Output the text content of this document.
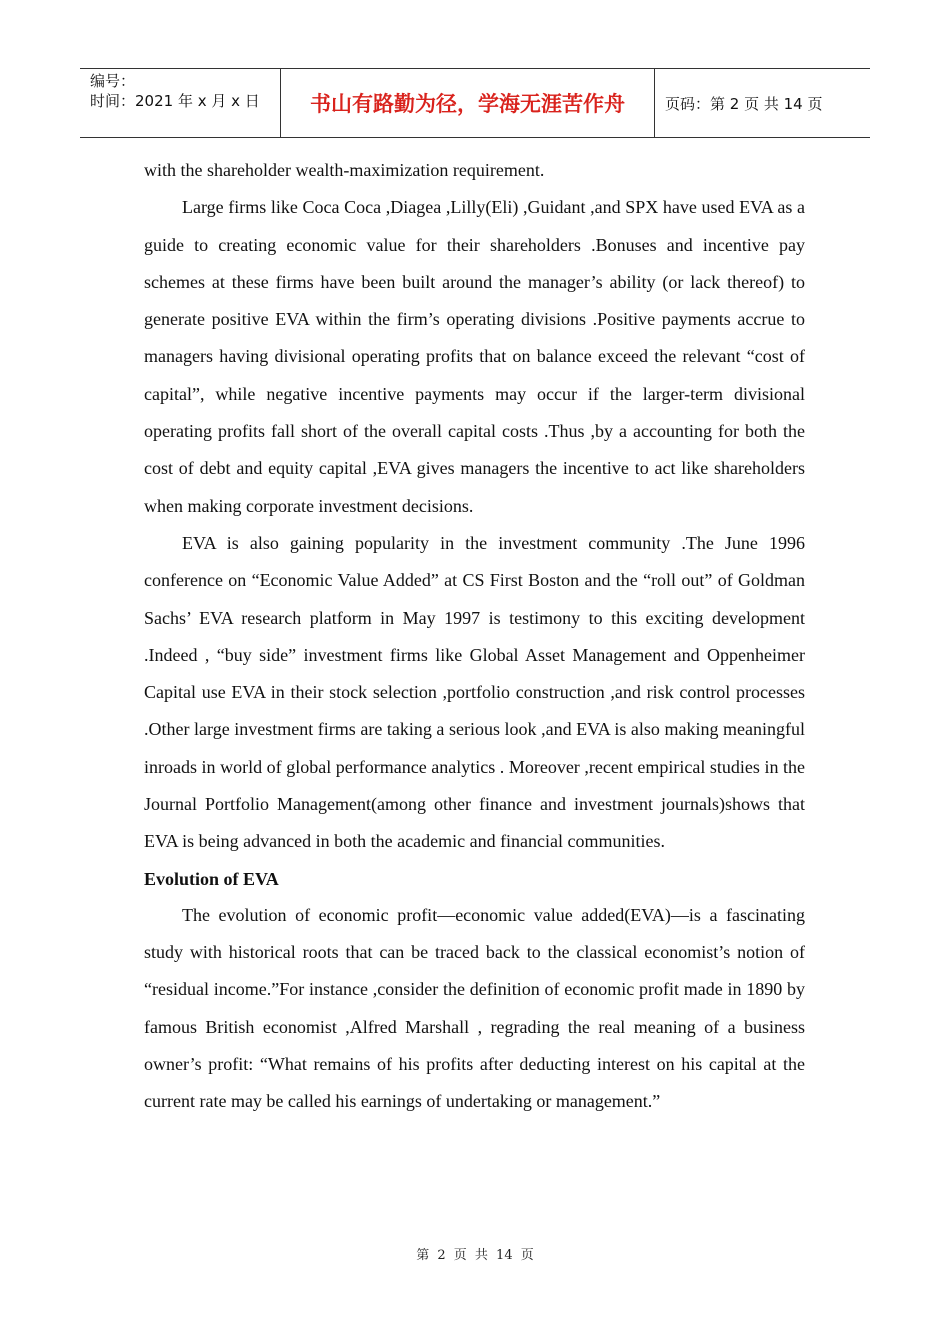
编号：
时间：2021 年 x 月 x 日	书山有路勤为径，学海无涯苦作舟	页码：第 2 页 共 14 页

with the shareholder wealth-maximization requirement.

Large firms like Coca Coca ,Diagea ,Lilly(Eli) ,Guidant ,and SPX have used EVA as a guide to creating economic value for their shareholders .Bonuses and incentive pay schemes at these firms have been built around the manager’s ability (or lack thereof) to generate positive EVA within the firm’s operating divisions .Positive payments accrue to managers having divisional operating profits that on balance exceed the relevant “cost of capital”, while negative incentive payments may occur if the larger-term divisional operating profits fall short of the overall capital costs .Thus ,by a accounting for both the cost of debt and equity capital ,EVA gives managers the incentive to act like shareholders when making corporate investment decisions.

EVA is also gaining popularity in the investment community .The June 1996 conference on “Economic Value Added” at CS First Boston and the “roll out” of Goldman Sachs’ EVA research platform in May 1997 is testimony to this exciting development .Indeed , “buy side” investment firms like Global Asset Management and Oppenheimer Capital use EVA in their stock selection ,portfolio construction ,and risk control processes .Other large investment firms are taking a serious look ,and EVA is also making meaningful inroads in world of global performance analytics . Moreover ,recent empirical studies in the Journal Portfolio Management(among other finance and investment journals)shows that EVA is being advanced in both the academic and financial communities.

Evolution of EVA

The evolution of economic profit—economic value added(EVA)—is a fascinating study with historical roots that can be traced back to the classical economist’s notion of “residual income.”For instance ,consider the definition of economic profit made in 1890 by famous British economist ,Alfred Marshall , regrading the real meaning of a business owner’s profit: “What remains of his profits after deducting interest on his capital at the current rate may be called his earnings of undertaking or management.”

第 2 页 共 14 页
